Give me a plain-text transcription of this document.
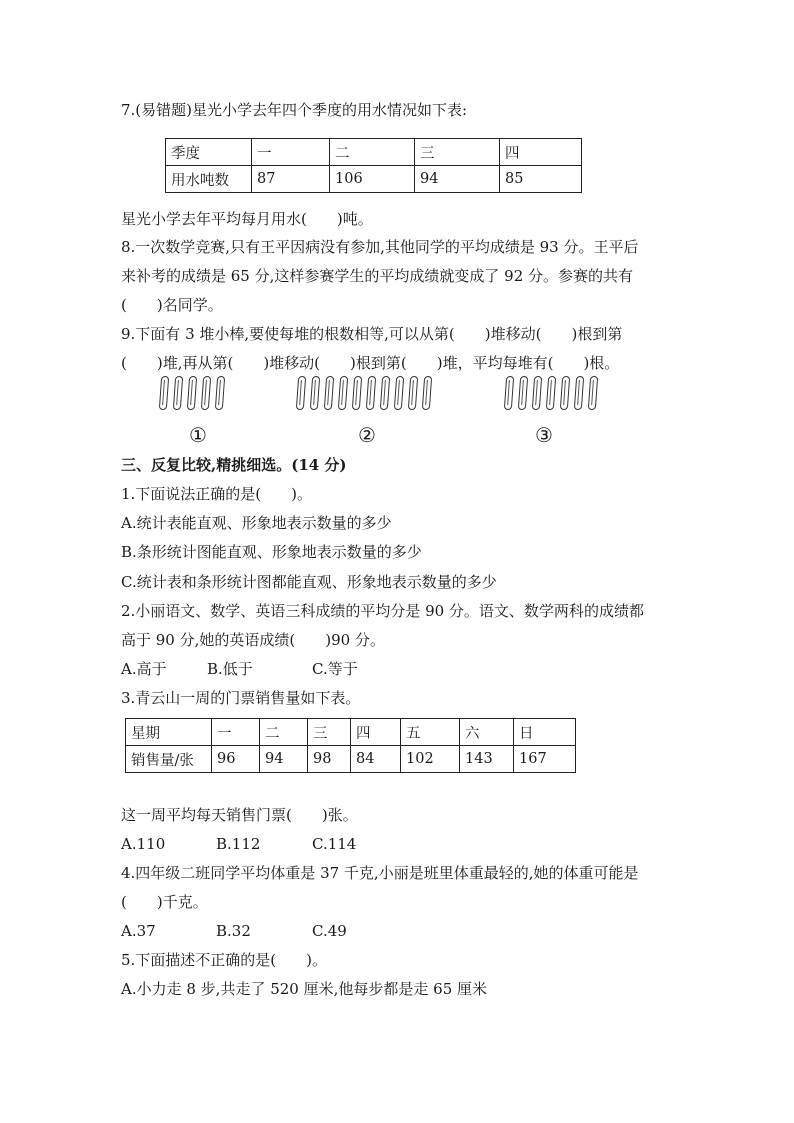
7.(易错题)星光小学去年四个季度的用水情况如下表:
季度	一	二	三	四
用水吨数	87	106	94	85
星光小学去年平均每月用水(　　)吨。
8.一次数学竞赛,只有王平因病没有参加,其他同学的平均成绩是 93 分。王平后
来补考的成绩是 65 分,这样参赛学生的平均成绩就变成了 92 分。参赛的共有
(　　)名同学。
9.下面有 3 堆小棒,要使每堆的根数相等,可以从第(　　)堆移动(　　)根到第
(　　)堆,再从第(　　)堆移动(　　)根到第(　　)堆，平均每堆有(　　)根。
①	②	③
三、反复比较,精挑细选。(14 分)
1.下面说法正确的是(　　)。
A.统计表能直观、形象地表示数量的多少
B.条形统计图能直观、形象地表示数量的多少
C.统计表和条形统计图都能直观、形象地表示数量的多少
2.小丽语文、数学、英语三科成绩的平均分是 90 分。语文、数学两科的成绩都
高于 90 分,她的英语成绩(　　)90 分。
A.高于	B.低于	C.等于
3.青云山一周的门票销售量如下表。
星期	一	二	三	四	五	六	日
销售量/张	96	94	98	84	102	143	167
这一周平均每天销售门票(　　)张。
A.110	B.112	C.114
4.四年级二班同学平均体重是 37 千克,小丽是班里体重最轻的,她的体重可能是
(　　)千克。
A.37	B.32	C.49
5.下面描述不正确的是(　　)。
A.小力走 8 步,共走了 520 厘米,他每步都是走 65 厘米
